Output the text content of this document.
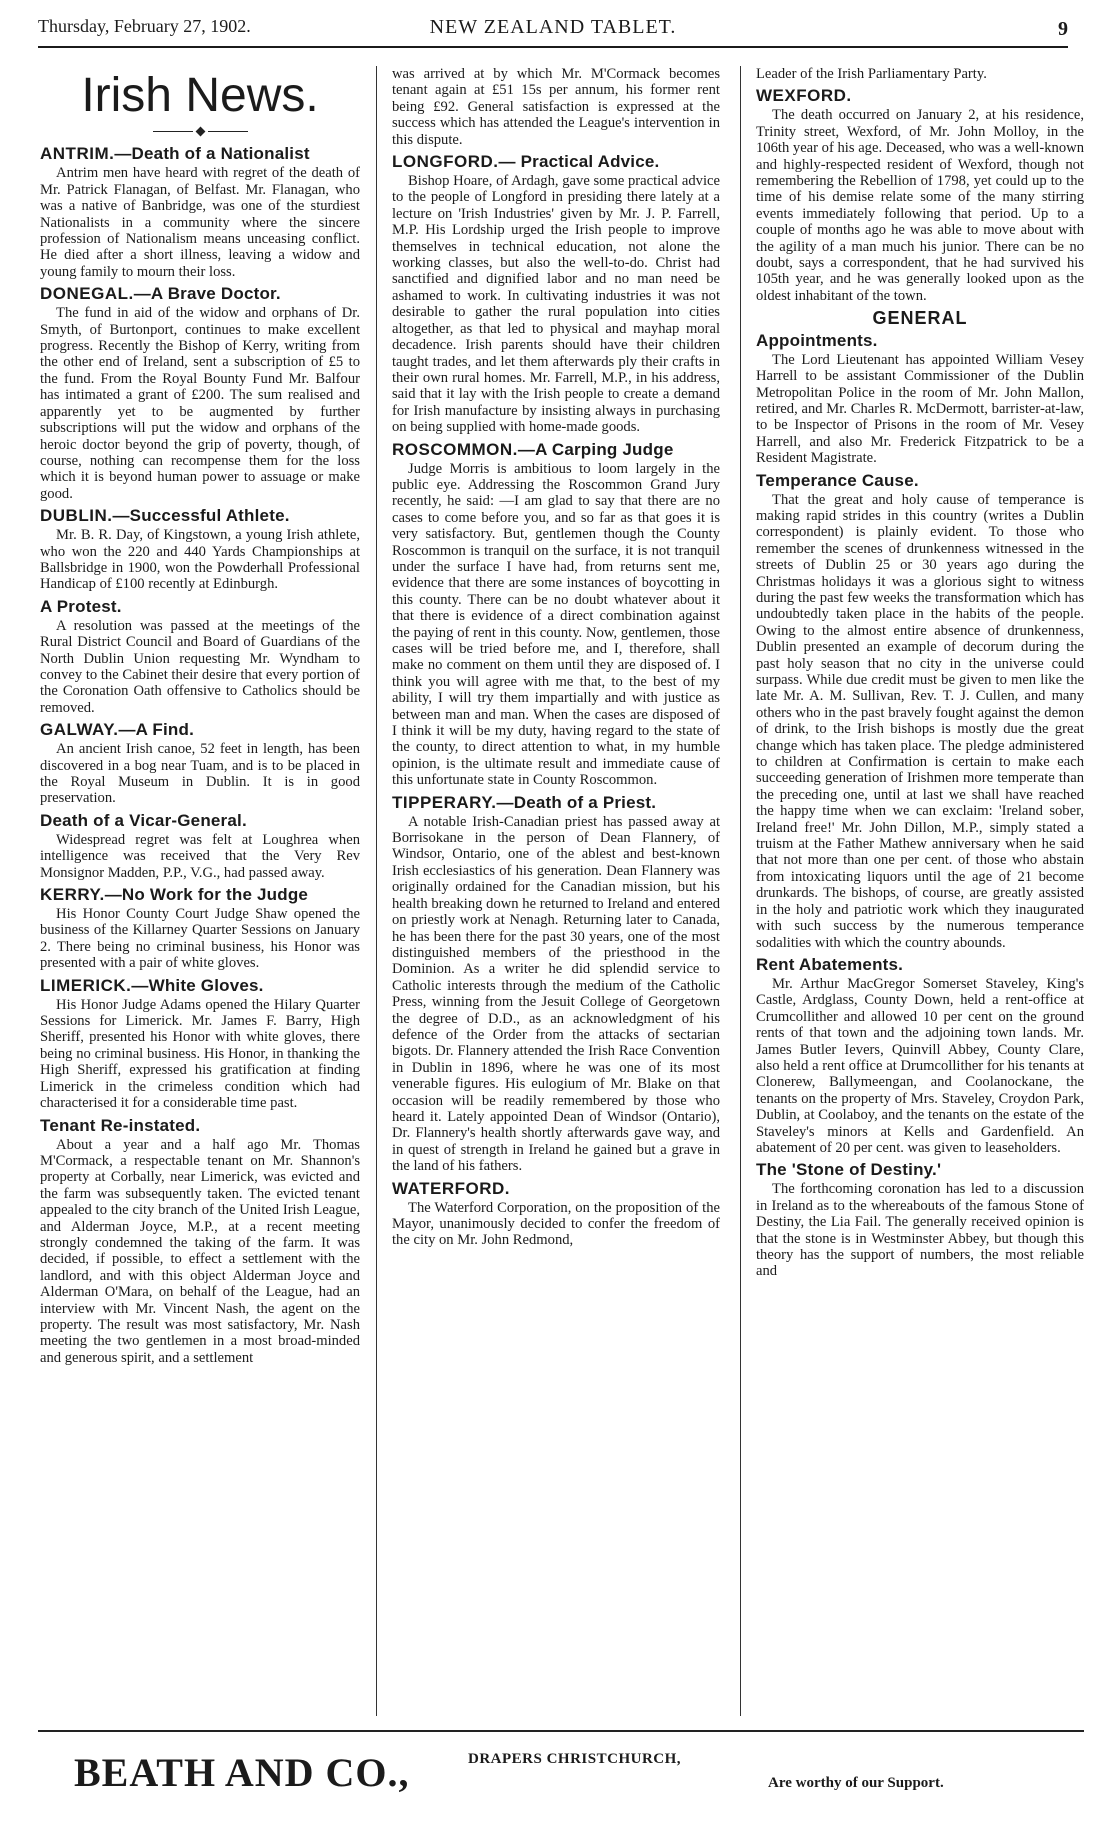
Thursday, February 27, 1902.	NEW ZEALAND TABLET.	9
Irish News.
ANTRIM.—Death of a Nationalist

Antrim men have heard with regret of the death of Mr. Patrick Flanagan, of Belfast. Mr. Flanagan, who was a native of Banbridge, was one of the sturdiest Nationalists in a community where the sincere profession of Nationalism means unceasing conflict. He died after a short illness, leaving a widow and young family to mourn their loss.

DONEGAL.—A Brave Doctor.

The fund in aid of the widow and orphans of Dr. Smyth, of Burtonport, continues to make excellent progress. Recently the Bishop of Kerry, writing from the other end of Ireland, sent a subscription of £5 to the fund. From the Royal Bounty Fund Mr. Balfour has intimated a grant of £200. The sum realised and apparently yet to be augmented by further subscriptions will put the widow and orphans of the heroic doctor beyond the grip of poverty, though, of course, nothing can recompense them for the loss which it is beyond human power to assuage or make good.

DUBLIN.—Successful Athlete.

Mr. B. R. Day, of Kingstown, a young Irish athlete, who won the 220 and 440 Yards Championships at Ballsbridge in 1900, won the Powderhall Professional Handicap of £100 recently at Edinburgh.

A Protest.

A resolution was passed at the meetings of the Rural District Council and Board of Guardians of the North Dublin Union requesting Mr. Wyndham to convey to the Cabinet their desire that every portion of the Coronation Oath offensive to Catholics should be removed.

GALWAY.—A Find.

An ancient Irish canoe, 52 feet in length, has been discovered in a bog near Tuam, and is to be placed in the Royal Museum in Dublin. It is in good preservation.

Death of a Vicar-General.

Widespread regret was felt at Loughrea when intelligence was received that the Very Rev Monsignor Madden, P.P., V.G., had passed away.

KERRY.—No Work for the Judge

His Honor County Court Judge Shaw opened the business of the Killarney Quarter Sessions on January 2. There being no criminal business, his Honor was presented with a pair of white gloves.

LIMERICK.—White Gloves.

His Honor Judge Adams opened the Hilary Quarter Sessions for Limerick. Mr. James F. Barry, High Sheriff, presented his Honor with white gloves, there being no criminal business. His Honor, in thanking the High Sheriff, expressed his gratification at finding Limerick in the crimeless condition which had characterised it for a considerable time past.

Tenant Re-instated.

About a year and a half ago Mr. Thomas M'Cormack, a respectable tenant on Mr. Shannon's property at Corbally, near Limerick, was evicted and the farm was subsequently taken. The evicted tenant appealed to the city branch of the United Irish League, and Alderman Joyce, M.P., at a recent meeting strongly condemned the taking of the farm. It was decided, if possible, to effect a settlement with the landlord, and with this object Alderman Joyce and Alderman O'Mara, on behalf of the League, had an interview with Mr. Vincent Nash, the agent on the property. The result was most satisfactory, Mr. Nash meeting the two gentlemen in a most broad-minded and generous spirit, and a settlement

was arrived at by which Mr. M'Cormack becomes tenant again at £51 15s per annum, his former rent being £92. General satisfaction is expressed at the success which has attended the League's intervention in this dispute.

LONGFORD.— Practical Advice.

Bishop Hoare, of Ardagh, gave some practical advice to the people of Longford in presiding there lately at a lecture on 'Irish Industries' given by Mr. J. P. Farrell, M.P. His Lordship urged the Irish people to improve themselves in technical education, not alone the working classes, but also the well-to-do. Christ had sanctified and dignified labor and no man need be ashamed to work. In cultivating industries it was not desirable to gather the rural population into cities altogether, as that led to physical and mayhap moral decadence. Irish parents should have their children taught trades, and let them afterwards ply their crafts in their own rural homes. Mr. Farrell, M.P., in his address, said that it lay with the Irish people to create a demand for Irish manufacture by insisting always in purchasing on being supplied with home-made goods.

ROSCOMMON.—A Carping Judge

Judge Morris is ambitious to loom largely in the public eye. Addressing the Roscommon Grand Jury recently, he said: —I am glad to say that there are no cases to come before you, and so far as that goes it is very satisfactory. But, gentlemen though the County Roscommon is tranquil on the surface, it is not tranquil under the surface I have had, from returns sent me, evidence that there are some instances of boycotting in this county. There can be no doubt whatever about it that there is evidence of a direct combination against the paying of rent in this county. Now, gentlemen, those cases will be tried before me, and I, therefore, shall make no comment on them until they are disposed of. I think you will agree with me that, to the best of my ability, I will try them impartially and with justice as between man and man. When the cases are disposed of I think it will be my duty, having regard to the state of the county, to direct attention to what, in my humble opinion, is the ultimate result and immediate cause of this unfortunate state in County Roscommon.

TIPPERARY.—Death of a Priest.

A notable Irish-Canadian priest has passed away at Borrisokane in the person of Dean Flannery, of Windsor, Ontario, one of the ablest and best-known Irish ecclesiastics of his generation. Dean Flannery was originally ordained for the Canadian mission, but his health breaking down he returned to Ireland and entered on priestly work at Nenagh. Returning later to Canada, he has been there for the past 30 years, one of the most distinguished members of the priesthood in the Dominion. As a writer he did splendid service to Catholic interests through the medium of the Catholic Press, winning from the Jesuit College of Georgetown the degree of D.D., as an acknowledgment of his defence of the Order from the attacks of sectarian bigots. Dr. Flannery attended the Irish Race Convention in Dublin in 1896, where he was one of its most venerable figures. His eulogium of Mr. Blake on that occasion will be readily remembered by those who heard it. Lately appointed Dean of Windsor (Ontario), Dr. Flannery's health shortly afterwards gave way, and in quest of strength in Ireland he gained but a grave in the land of his fathers.

WATERFORD.

The Waterford Corporation, on the proposition of the Mayor, unanimously decided to confer the freedom of the city on Mr. John Redmond,

Leader of the Irish Parliamentary Party.

WEXFORD.

The death occurred on January 2, at his residence, Trinity street, Wexford, of Mr. John Molloy, in the 106th year of his age. Deceased, who was a well-known and highly-respected resident of Wexford, though not remembering the Rebellion of 1798, yet could up to the time of his demise relate some of the many stirring events immediately following that period. Up to a couple of months ago he was able to move about with the agility of a man much his junior. There can be no doubt, says a correspondent, that he had survived his 105th year, and he was generally looked upon as the oldest inhabitant of the town.

GENERAL
Appointments.

The Lord Lieutenant has appointed William Vesey Harrell to be assistant Commissioner of the Dublin Metropolitan Police in the room of Mr. John Mallon, retired, and Mr. Charles R. McDermott, barrister-at-law, to be Inspector of Prisons in the room of Mr. Vesey Harrell, and also Mr. Frederick Fitzpatrick to be a Resident Magistrate.

Temperance Cause.

That the great and holy cause of temperance is making rapid strides in this country (writes a Dublin correspondent) is plainly evident. To those who remember the scenes of drunkenness witnessed in the streets of Dublin 25 or 30 years ago during the Christmas holidays it was a glorious sight to witness during the past few weeks the transformation which has undoubtedly taken place in the habits of the people. Owing to the almost entire absence of drunkenness, Dublin presented an example of decorum during the past holy season that no city in the universe could surpass. While due credit must be given to men like the late Mr. A. M. Sullivan, Rev. T. J. Cullen, and many others who in the past bravely fought against the demon of drink, to the Irish bishops is mostly due the great change which has taken place. The pledge administered to children at Confirmation is certain to make each succeeding generation of Irishmen more temperate than the preceding one, until at last we shall have reached the happy time when we can exclaim: 'Ireland sober, Ireland free!' Mr. John Dillon, M.P., simply stated a truism at the Father Mathew anniversary when he said that not more than one per cent. of those who abstain from intoxicating liquors until the age of 21 become drunkards. The bishops, of course, are greatly assisted in the holy and patriotic work which they inaugurated with such success by the numerous temperance sodalities with which the country abounds.

Rent Abatements.

Mr. Arthur MacGregor Somerset Staveley, King's Castle, Ardglass, County Down, held a rent-office at Crumcollither and allowed 10 per cent on the ground rents of that town and the adjoining town lands. Mr. James Butler Ievers, Quinvill Abbey, County Clare, also held a rent office at Drumcollither for his tenants at Clonerew, Ballymeengan, and Coolanockane, the tenants on the property of Mrs. Staveley, Croydon Park, Dublin, at Coolaboy, and the tenants on the estate of the Staveley's minors at Kells and Gardenfield. An abatement of 20 per cent. was given to leaseholders.

The 'Stone of Destiny.'

The forthcoming coronation has led to a discussion in Ireland as to the whereabouts of the famous Stone of Destiny, the Lia Fail. The generally received opinion is that the stone is in Westminster Abbey, but though this theory has the support of numbers, the most reliable and

BEATH AND CO.,	DRAPERS CHRISTCHURCH,
Are worthy of our Support.
